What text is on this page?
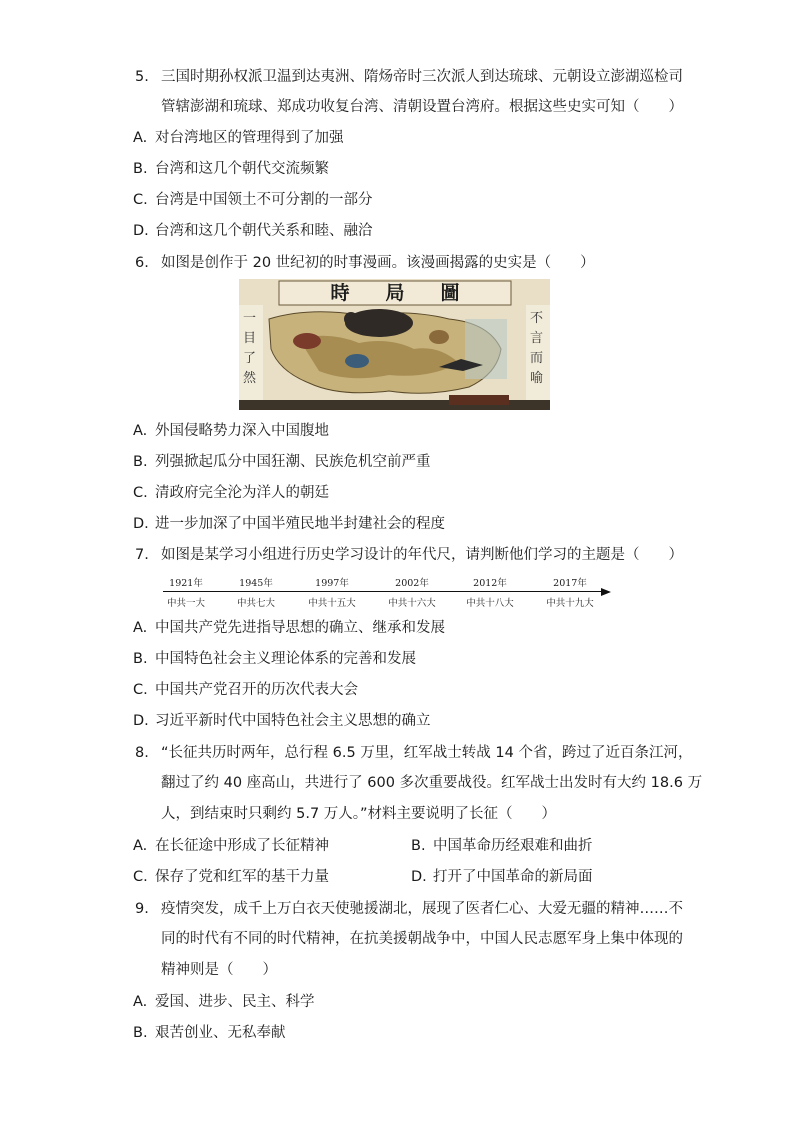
5. 三国时期孙权派卫温到达夷洲、隋炀帝时三次派人到达琉球、元朝设立澎湖巡检司
管辖澎湖和琉球、郑成功收复台湾、清朝设置台湾府。根据这些史实可知（　　）
A. 对台湾地区的管理得到了加强
B. 台湾和这几个朝代交流频繁
C. 台湾是中国领土不可分割的一部分
D. 台湾和这几个朝代关系和睦、融洽
6. 如图是创作于 20 世纪初的时事漫画。该漫画揭露的史实是（　　）
時局圖
一目了然
不言而喻
A. 外国侵略势力深入中国腹地
B. 列强掀起瓜分中国狂潮、民族危机空前严重
C. 清政府完全沦为洋人的朝廷
D. 进一步加深了中国半殖民地半封建社会的程度
7. 如图是某学习小组进行历史学习设计的年代尺，请判断他们学习的主题是（　　）
1921年
中共一大
1945年
中共七大
1997年
中共十五大
2002年
中共十六大
2012年
中共十八大
2017年
中共十九大
A. 中国共产党先进指导思想的确立、继承和发展
B. 中国特色社会主义理论体系的完善和发展
C. 中国共产党召开的历次代表大会
D. 习近平新时代中国特色社会主义思想的确立
8. “长征共历时两年，总行程 6.5 万里，红军战士转战 14 个省，跨过了近百条江河，
翻过了约 40 座高山，共进行了 600 多次重要战役。红军战士出发时有大约 18.6 万
人，到结束时只剩约 5.7 万人。”材料主要说明了长征（　　）
A. 在长征途中形成了长征精神	B. 中国革命历经艰难和曲折
C. 保存了党和红军的基干力量	D. 打开了中国革命的新局面
9. 疫情突发，成千上万白衣天使驰援湖北，展现了医者仁心、大爱无疆的精神……不
同的时代有不同的时代精神，在抗美援朝战争中，中国人民志愿军身上集中体现的
精神则是（　　）
A. 爱国、进步、民主、科学
B. 艰苦创业、无私奉献
